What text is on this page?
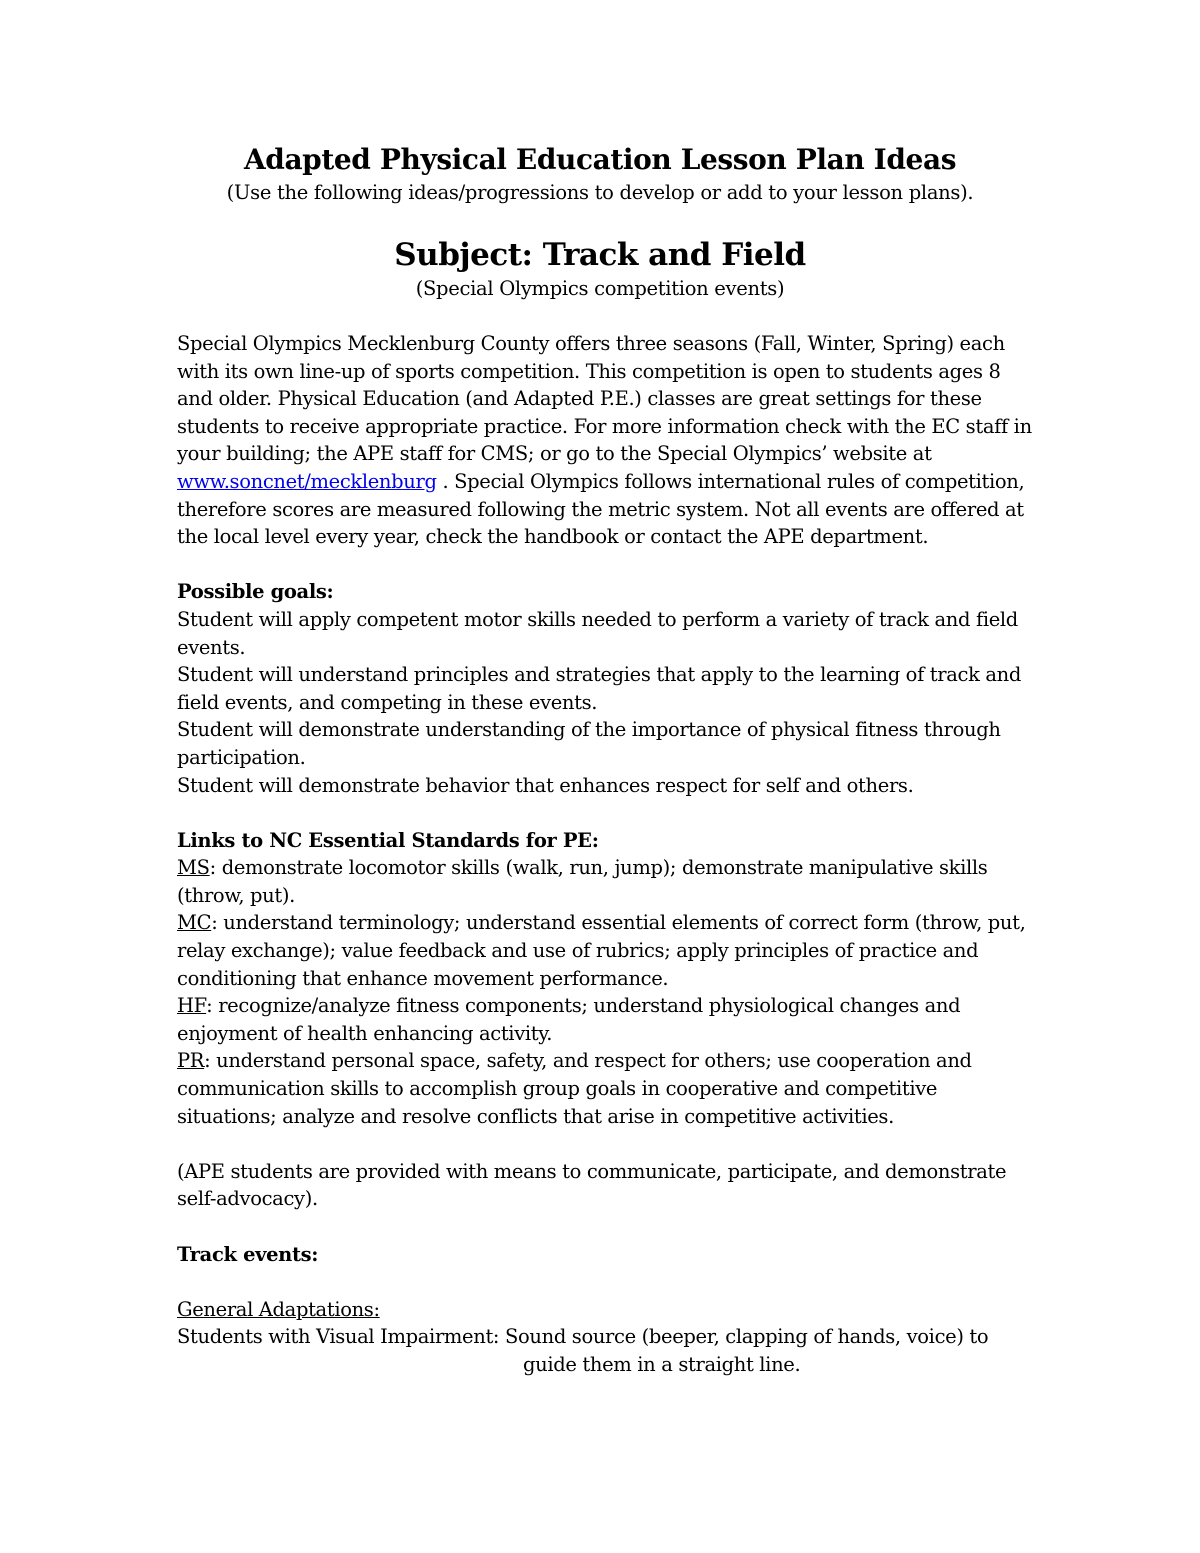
Adapted Physical Education Lesson Plan Ideas
(Use the following ideas/progressions to develop or add to your lesson plans).
Subject: Track and Field
(Special Olympics competition events)

Special Olympics Mecklenburg County offers three seasons (Fall, Winter, Spring) each with its own line-up of sports competition. This competition is open to students ages 8 and older. Physical Education (and Adapted P.E.) classes are great settings for these students to receive appropriate practice. For more information check with the EC staff in your building; the APE staff for CMS; or go to the Special Olympics’ website at www.soncnet/mecklenburg . Special Olympics follows international rules of competition, therefore scores are measured following the metric system. Not all events are offered at the local level every year, check the handbook or contact the APE department.

Possible goals:

Student will apply competent motor skills needed to perform a variety of track and field events.

Student will understand principles and strategies that apply to the learning of track and field events, and competing in these events.

Student will demonstrate understanding of the importance of physical fitness through participation.

Student will demonstrate behavior that enhances respect for self and others.

Links to NC Essential Standards for PE:

MS: demonstrate locomotor skills (walk, run, jump); demonstrate manipulative skills (throw, put).

MC: understand terminology; understand essential elements of correct form (throw, put, relay exchange); value feedback and use of rubrics; apply principles of practice and conditioning that enhance movement performance.

HF: recognize/analyze fitness components; understand physiological changes and enjoyment of health enhancing activity.

PR: understand personal space, safety, and respect for others; use cooperation and communication skills to accomplish group goals in cooperative and competitive situations; analyze and resolve conflicts that arise in competitive activities.

(APE students are provided with means to communicate, participate, and demonstrate self-advocacy).

Track events:

General Adaptations:

Students with Visual Impairment: Sound source (beeper, clapping of hands, voice) to

guide them in a straight line.
